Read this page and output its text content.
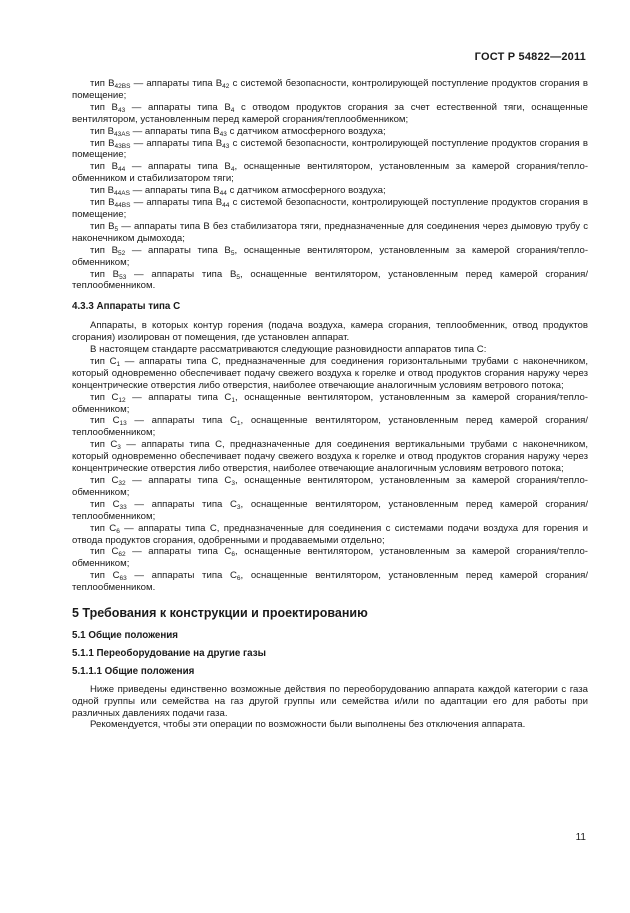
ГОСТ Р 54822—2011

тип $B_{42BS}$ — аппараты типа $B_{42}$ с системой безопасности, контролирующей поступление продуктов сгорания в помещение;

тип $B_{43}$ — аппараты типа $B_4$ с отводом продуктов сгорания за счет естественной тяги, оснащенные вентилятором, установленным перед камерой сгорания/теплообменником;

тип $B_{43AS}$ — аппараты типа $B_{43}$ с датчиком атмосферного воздуха;

тип $B_{43BS}$ — аппараты типа $B_{43}$ с системой безопасности, контролирующей поступление продуктов сгорания в помещение;

тип $B_{44}$ — аппараты типа $B_4$, оснащенные вентилятором, установленным за камерой сгорания/тепло-обменником и стабилизатором тяги;

тип $B_{44AS}$ — аппараты типа $B_{44}$ с датчиком атмосферного воздуха;

тип $B_{44BS}$ — аппараты типа $B_{44}$ с системой безопасности, контролирующей поступление продуктов сгорания в помещение;

тип $B_5$ — аппараты типа B без стабилизатора тяги, предназначенные для соединения через дымовую трубу с наконечником дымохода;

тип $B_{52}$ — аппараты типа $B_5$, оснащенные вентилятором, установленным за камерой сгорания/тепло-обменником;

тип $B_{53}$ — аппараты типа $B_5$, оснащенные вентилятором, установленным перед камерой сгорания/ теплообменником.

4.3.3 Аппараты типа C

Аппараты, в которых контур горения (подача воздуха, камера сгорания, теплообменник, отвод продуктов сгорания) изолирован от помещения, где установлен аппарат.

В настоящем стандарте рассматриваются следующие разновидности аппаратов типа C:

тип $C_1$ — аппараты типа C, предназначенные для соединения горизонтальными трубами с наконечником, который одновременно обеспечивает подачу свежего воздуха к горелке и отвод продуктов сгорания наружу через концентрические отверстия либо отверстия, наиболее отвечающие аналогичным условиям ветрового потока;

тип $C_{12}$ — аппараты типа $C_1$, оснащенные вентилятором, установленным за камерой сгорания/тепло-обменником;

тип $C_{13}$ — аппараты типа $C_1$, оснащенные вентилятором, установленным перед камерой сгорания/ теплообменником;

тип $C_3$ — аппараты типа C, предназначенные для соединения вертикальными трубами с наконечником, который одновременно обеспечивает подачу свежего воздуха к горелке и отвод продуктов сгорания наружу через концентрические отверстия либо отверстия, наиболее отвечающие аналогичным условиям ветрового потока;

тип $C_{32}$ — аппараты типа $C_3$, оснащенные вентилятором, установленным за камерой сгорания/тепло-обменником;

тип $C_{33}$ — аппараты типа $C_3$, оснащенные вентилятором, установленным перед камерой сгорания/ теплообменником;

тип $C_6$ — аппараты типа C, предназначенные для соединения с системами подачи воздуха для горения и отвода продуктов сгорания, одобренными и продаваемыми отдельно;

тип $C_{62}$ — аппараты типа $C_6$, оснащенные вентилятором, установленным за камерой сгорания/тепло-обменником;

тип $C_{63}$ — аппараты типа $C_6$, оснащенные вентилятором, установленным перед камерой сгорания/ теплообменником.

5 Требования к конструкции и проектированию

5.1 Общие положения

5.1.1 Переоборудование на другие газы

5.1.1.1 Общие положения

Ниже приведены единственно возможные действия по переоборудованию аппарата каждой категории с газа одной группы или семейства на газ другой группы или семейства и/или по адаптации его для работы при различных давлениях подачи газа.

Рекомендуется, чтобы эти операции по возможности были выполнены без отключения аппарата.

11
